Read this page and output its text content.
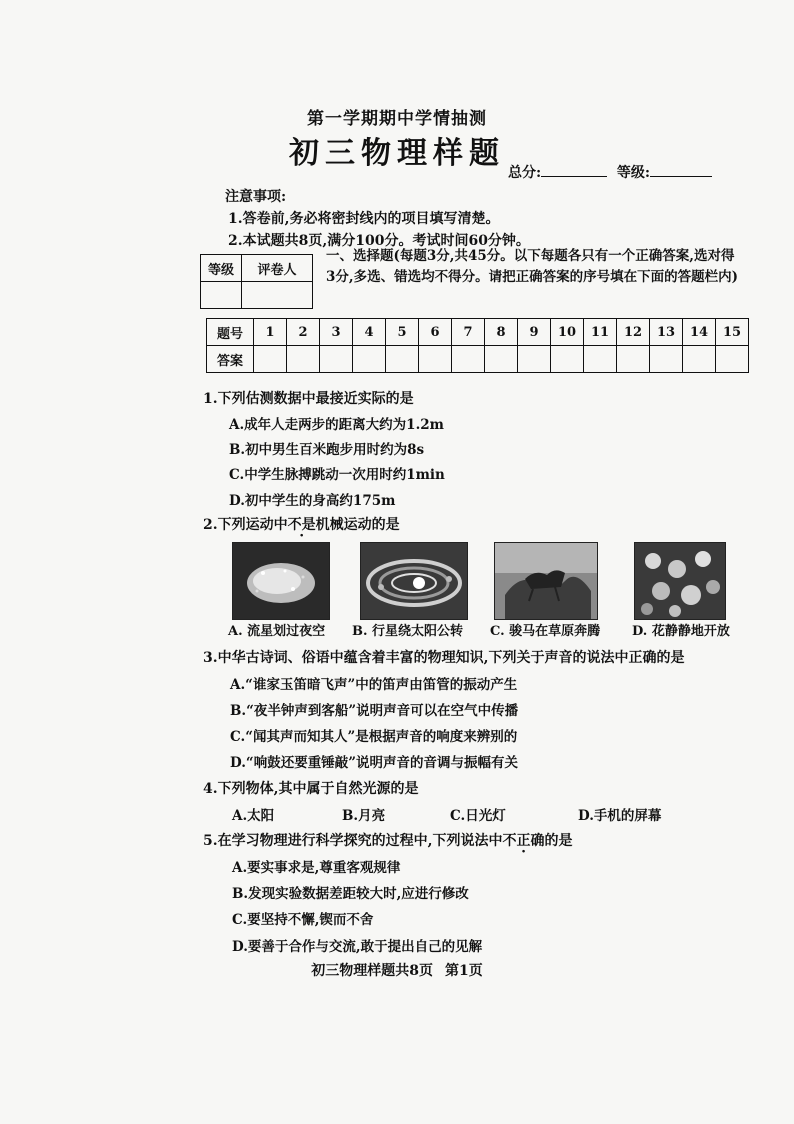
第一学期期中学情抽测
初三物理样题
总分:	等级:
注意事项:
1.答卷前,务必将密封线内的项目填写清楚。
2.本试题共8页,满分100分。考试时间60分钟。
等级	评卷人

一、选择题(每题3分,共45分。以下每题各只有一个正确答案,选对得3分,多选、错选均不得分。请把正确答案的序号填在下面的答题栏内)
题号	1	2	3	4	5	6	7	8	9	10	11	12	13	14	15
答案															
1.下列估测数据中最接近实际的是
A.成年人走两步的距离大约为1.2m
B.初中男生百米跑步用时约为8s
C.中学生脉搏跳动一次用时约1min
D.初中学生的身高约175m
2.下列运动中不是机械运动的是
A. 流星划过夜空 B. 行星绕太阳公转 C. 骏马在草原奔腾 D. 花静静地开放
3.中华古诗词、俗语中蕴含着丰富的物理知识,下列关于声音的说法中正确的是
A.“谁家玉笛暗飞声”中的笛声由笛管的振动产生
B.“夜半钟声到客船”说明声音可以在空气中传播
C.“闻其声而知其人”是根据声音的响度来辨别的
D.“响鼓还要重锤敲”说明声音的音调与振幅有关
4.下列物体,其中属于自然光源的是
A.太阳	B.月亮	C.日光灯	D.手机的屏幕
5.在学习物理进行科学探究的过程中,下列说法中不正确的是
A.要实事求是,尊重客观规律
B.发现实验数据差距较大时,应进行修改
C.要坚持不懈,锲而不舍
D.要善于合作与交流,敢于提出自己的见解
初三物理样题共8页 第1页
